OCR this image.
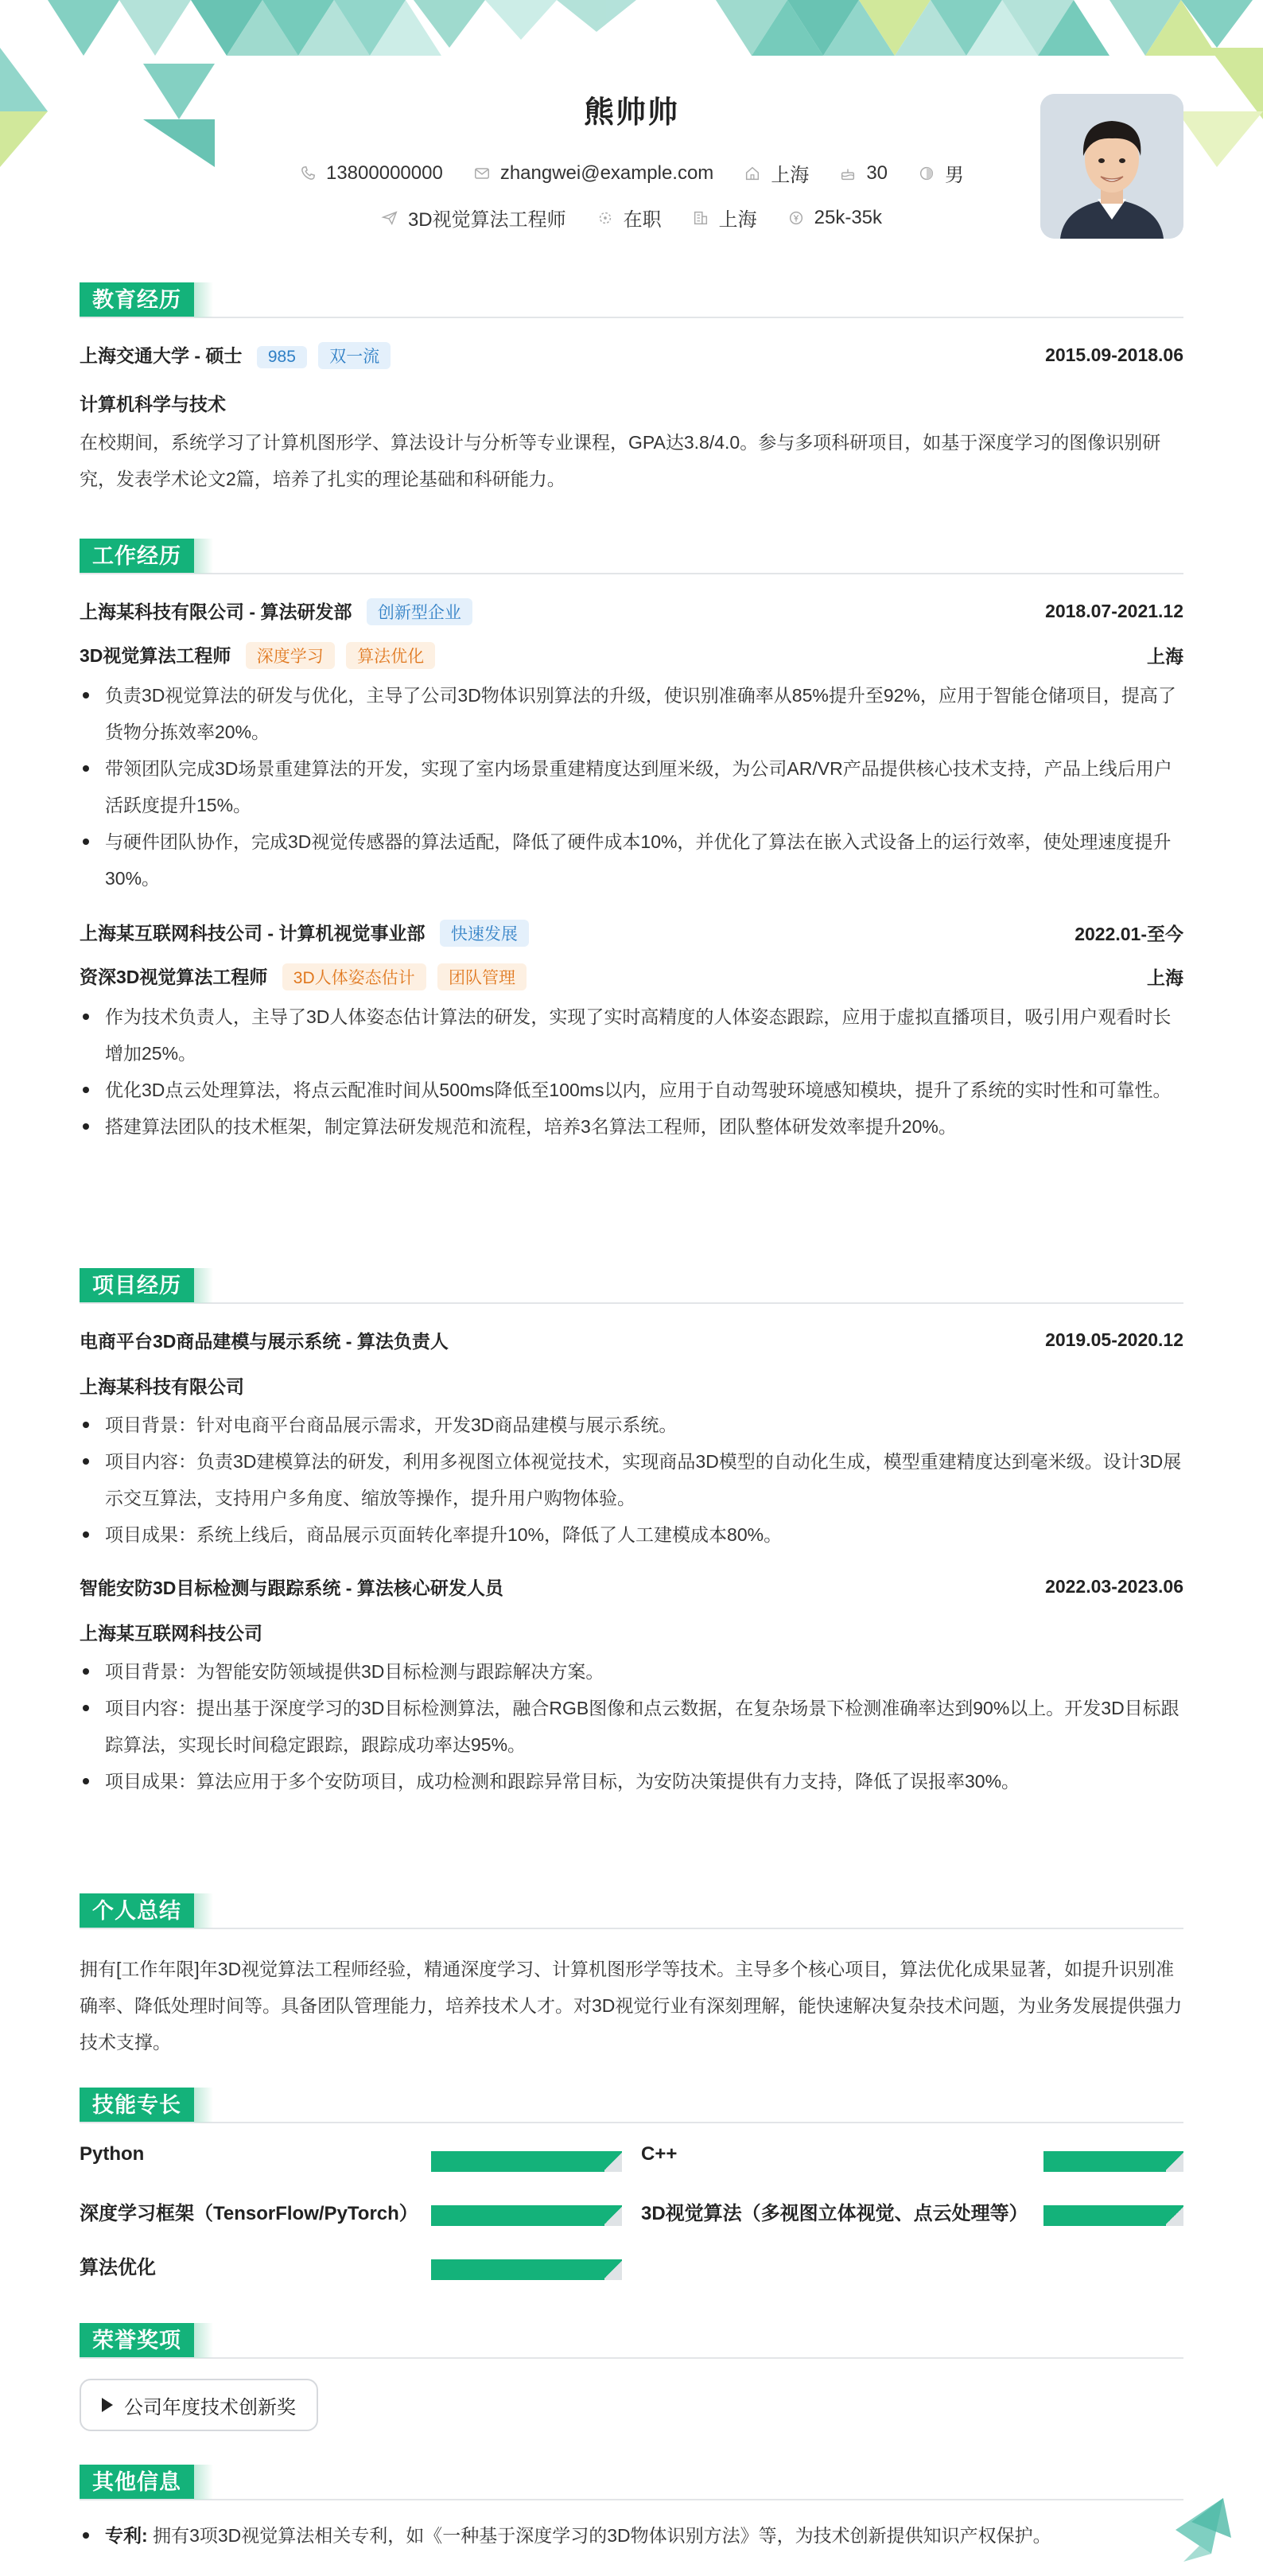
熊帅帅
13800000000	zhangwei@example.com	上海	30	男
3D视觉算法工程师	在职	上海	25k-35k
教育经历
上海交通大学 - 硕士 985 双一流	2015.09-2018.06
计算机科学与技术
在校期间，系统学习了计算机图形学、算法设计与分析等专业课程，GPA达3.8/4.0。参与多项科研项目，如基于深度学习的图像识别研究，发表学术论文2篇，培养了扎实的理论基础和科研能力。
工作经历
上海某科技有限公司 - 算法研发部 创新型企业	2018.07-2021.12
3D视觉算法工程师 深度学习 算法优化	上海
负责3D视觉算法的研发与优化，主导了公司3D物体识别算法的升级，使识别准确率从85%提升至92%，应用于智能仓储项目，提高了货物分拣效率20%。
带领团队完成3D场景重建算法的开发，实现了室内场景重建精度达到厘米级，为公司AR/VR产品提供核心技术支持，产品上线后用户活跃度提升15%。
与硬件团队协作，完成3D视觉传感器的算法适配，降低了硬件成本10%，并优化了算法在嵌入式设备上的运行效率，使处理速度提升30%。
上海某互联网科技公司 - 计算机视觉事业部 快速发展	2022.01-至今
资深3D视觉算法工程师 3D人体姿态估计 团队管理	上海
作为技术负责人，主导了3D人体姿态估计算法的研发，实现了实时高精度的人体姿态跟踪，应用于虚拟直播项目，吸引用户观看时长增加25%。
优化3D点云处理算法，将点云配准时间从500ms降低至100ms以内，应用于自动驾驶环境感知模块，提升了系统的实时性和可靠性。
搭建算法团队的技术框架，制定算法研发规范和流程，培养3名算法工程师，团队整体研发效率提升20%。
项目经历
电商平台3D商品建模与展示系统 - 算法负责人	2019.05-2020.12
上海某科技有限公司
项目背景：针对电商平台商品展示需求，开发3D商品建模与展示系统。
项目内容：负责3D建模算法的研发，利用多视图立体视觉技术，实现商品3D模型的自动化生成，模型重建精度达到毫米级。设计3D展示交互算法，支持用户多角度、缩放等操作，提升用户购物体验。
项目成果：系统上线后，商品展示页面转化率提升10%，降低了人工建模成本80%。
智能安防3D目标检测与跟踪系统 - 算法核心研发人员	2022.03-2023.06
上海某互联网科技公司
项目背景：为智能安防领域提供3D目标检测与跟踪解决方案。
项目内容：提出基于深度学习的3D目标检测算法，融合RGB图像和点云数据，在复杂场景下检测准确率达到90%以上。开发3D目标跟踪算法，实现长时间稳定跟踪，跟踪成功率达95%。
项目成果：算法应用于多个安防项目，成功检测和跟踪异常目标，为安防决策提供有力支持，降低了误报率30%。
个人总结
拥有[工作年限]年3D视觉算法工程师经验，精通深度学习、计算机图形学等技术。主导多个核心项目，算法优化成果显著，如提升识别准确率、降低处理时间等。具备团队管理能力，培养技术人才。对3D视觉行业有深刻理解，能快速解决复杂技术问题，为业务发展提供强力技术支撑。
技能专长
Python	C++
深度学习框架（TensorFlow/PyTorch）	3D视觉算法（多视图立体视觉、点云处理等）
算法优化
荣誉奖项
公司年度技术创新奖
其他信息
专利: 拥有3项3D视觉算法相关专利，如《一种基于深度学习的3D物体识别方法》等，为技术创新提供知识产权保护。
